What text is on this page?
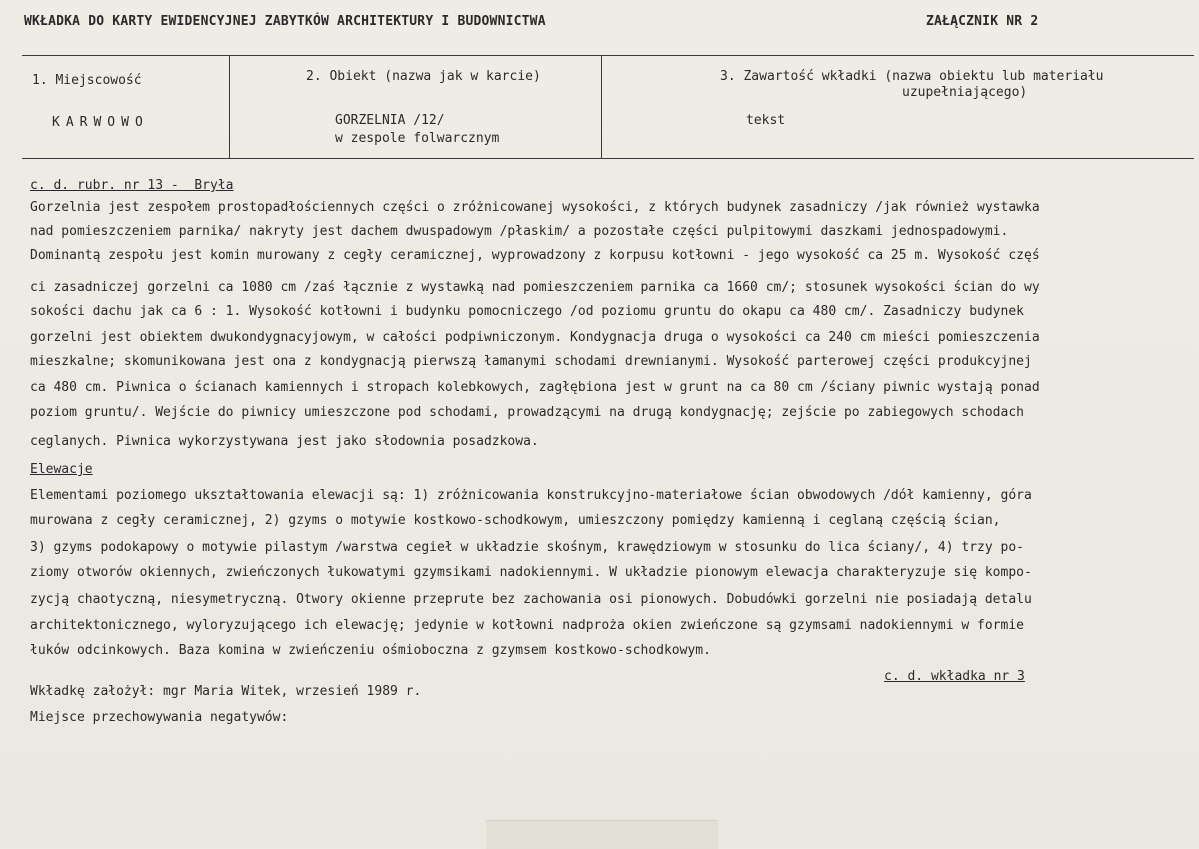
WKŁADKA DO KARTY EWIDENCYJNEJ ZABYTKÓW ARCHITEKTURY I BUDOWNICTWA	ZAŁĄCZNIK NR 2
1. Miejscowość
KARWOWO
2. Obiekt (nazwa jak w karcie)
GORZELNIA /12/
w zespole folwarcznym
3. Zawartość wkładki (nazwa obiektu lub materiału
uzupełniającego)
tekst
c. d. rubr. nr 13 -  Bryła
Gorzelnia jest zespołem prostopadłościennych części o zróżnicowanej wysokości, z których budynek zasadniczy /jak również wystawka
nad pomieszczeniem parnika/ nakryty jest dachem dwuspadowym /płaskim/ a pozostałe części pulpitowymi daszkami jednospadowymi.
Dominantą zespołu jest komin murowany z cegły ceramicznej, wyprowadzony z korpusu kotłowni - jego wysokość ca 25 m. Wysokość częś
ci zasadniczej gorzelni ca 1080 cm /zaś łącznie z wystawką nad pomieszczeniem parnika ca 1660 cm/; stosunek wysokości ścian do wy
sokości dachu jak ca 6 : 1. Wysokość kotłowni i budynku pomocniczego /od poziomu gruntu do okapu ca 480 cm/. Zasadniczy budynek
gorzelni jest obiektem dwukondygnacyjowym, w całości podpiwniczonym. Kondygnacja druga o wysokości ca 240 cm mieści pomieszczenia
mieszkalne; skomunikowana jest ona z kondygnacją pierwszą łamanymi schodami drewnianymi. Wysokość parterowej części produkcyjnej
ca 480 cm. Piwnica o ścianach kamiennych i stropach kolebkowych, zagłębiona jest w grunt na ca 80 cm /ściany piwnic wystają ponad
poziom gruntu/. Wejście do piwnicy umieszczone pod schodami, prowadzącymi na drugą kondygnację; zejście po zabiegowych schodach
ceglanych. Piwnica wykorzystywana jest jako słodownia posadzkowa.
Elewacje
Elementami poziomego ukształtowania elewacji są: 1) zróżnicowania konstrukcyjno-materiałowe ścian obwodowych /dół kamienny, góra
murowana z cegły ceramicznej, 2) gzyms o motywie kostkowo-schodkowym, umieszczony pomiędzy kamienną i ceglaną częścią ścian,
3) gzyms podokapowy o motywie pilastym /warstwa cegieł w układzie skośnym, krawędziowym w stosunku do lica ściany/, 4) trzy po-
ziomy otworów okiennych, zwieńczonych łukowatymi gzymsikami nadokiennymi. W układzie pionowym elewacja charakteryzuje się kompo-
zycją chaotyczną, niesymetryczną. Otwory okienne przeprute bez zachowania osi pionowych. Dobudówki gorzelni nie posiadają detalu
architektonicznego, wyloryzującego ich elewację; jedynie w kotłowni nadproża okien zwieńczone są gzymsami nadokiennymi w formie
łuków odcinkowych. Baza komina w zwieńczeniu ośmioboczna z gzymsem kostkowo-schodkowym.
c. d. wkładka nr 3
Wkładkę założył: mgr Maria Witek, wrzesień 1989 r.
Miejsce przechowywania negatywów:
